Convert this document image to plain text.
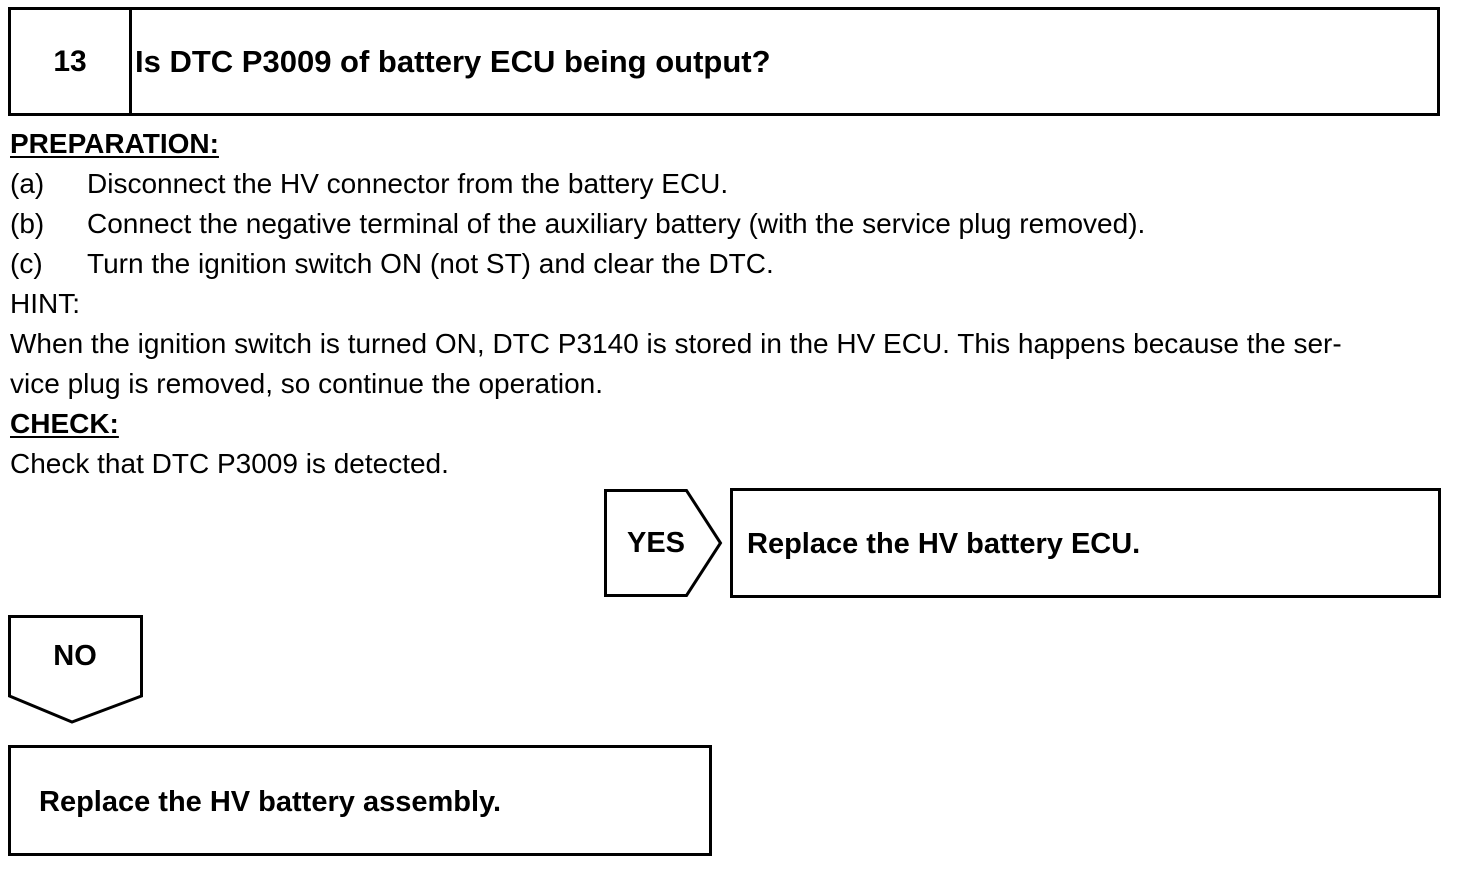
13	Is DTC P3009 of battery ECU being output?
PREPARATION:
(a) Disconnect the HV connector from the battery ECU.
(b) Connect the negative terminal of the auxiliary battery (with the service plug removed).
(c) Turn the ignition switch ON (not ST) and clear the DTC.
HINT:
When the ignition switch is turned ON, DTC P3140 is stored in the HV ECU. This happens because the ser-
vice plug is removed, so continue the operation.
CHECK:
Check that DTC P3009 is detected.
YES	Replace the HV battery ECU.
NO
Replace the HV battery assembly.
